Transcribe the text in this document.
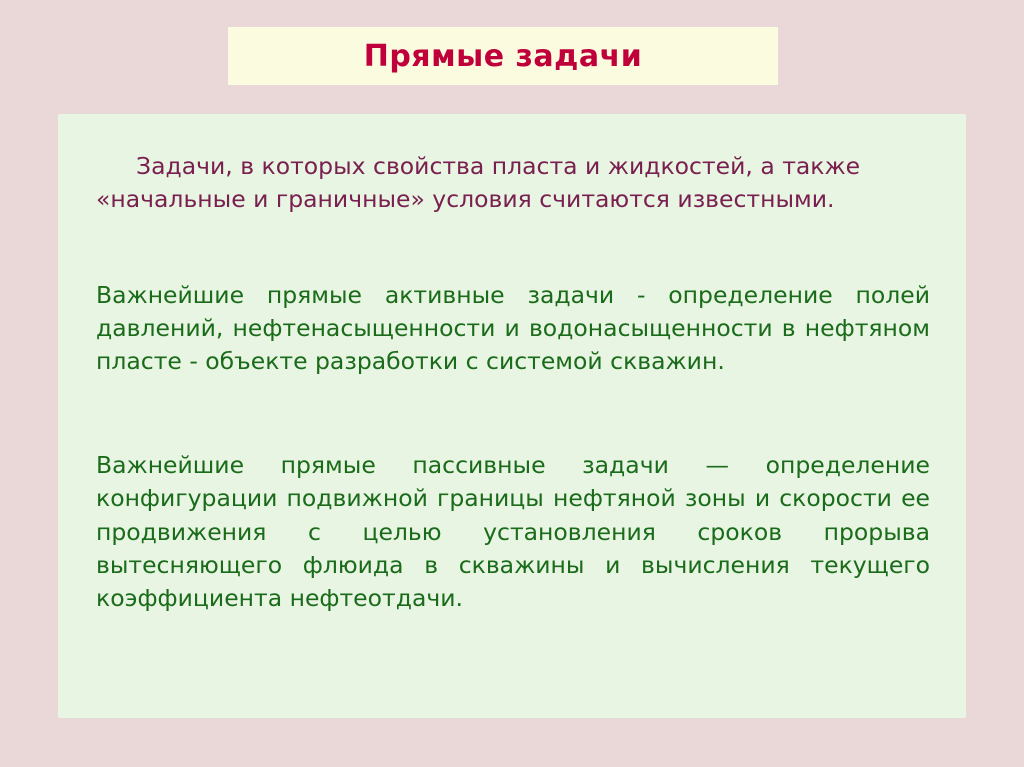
Прямые задачи

Задачи, в которых свойства пласта и жидкостей, а также «начальные и граничные» условия считаются известными.

Важнейшие прямые активные задачи - определение полей давлений, нефтенасыщенности и водонасыщенности в нефтяном пласте - объекте разработки с системой скважин.

Важнейшие прямые пассивные задачи — определение конфигурации подвижной границы нефтяной зоны и скорости ее продвижения с целью установления сроков прорыва вытесняющего флюида в скважины и вычисления текущего коэффициента нефтеотдачи.
